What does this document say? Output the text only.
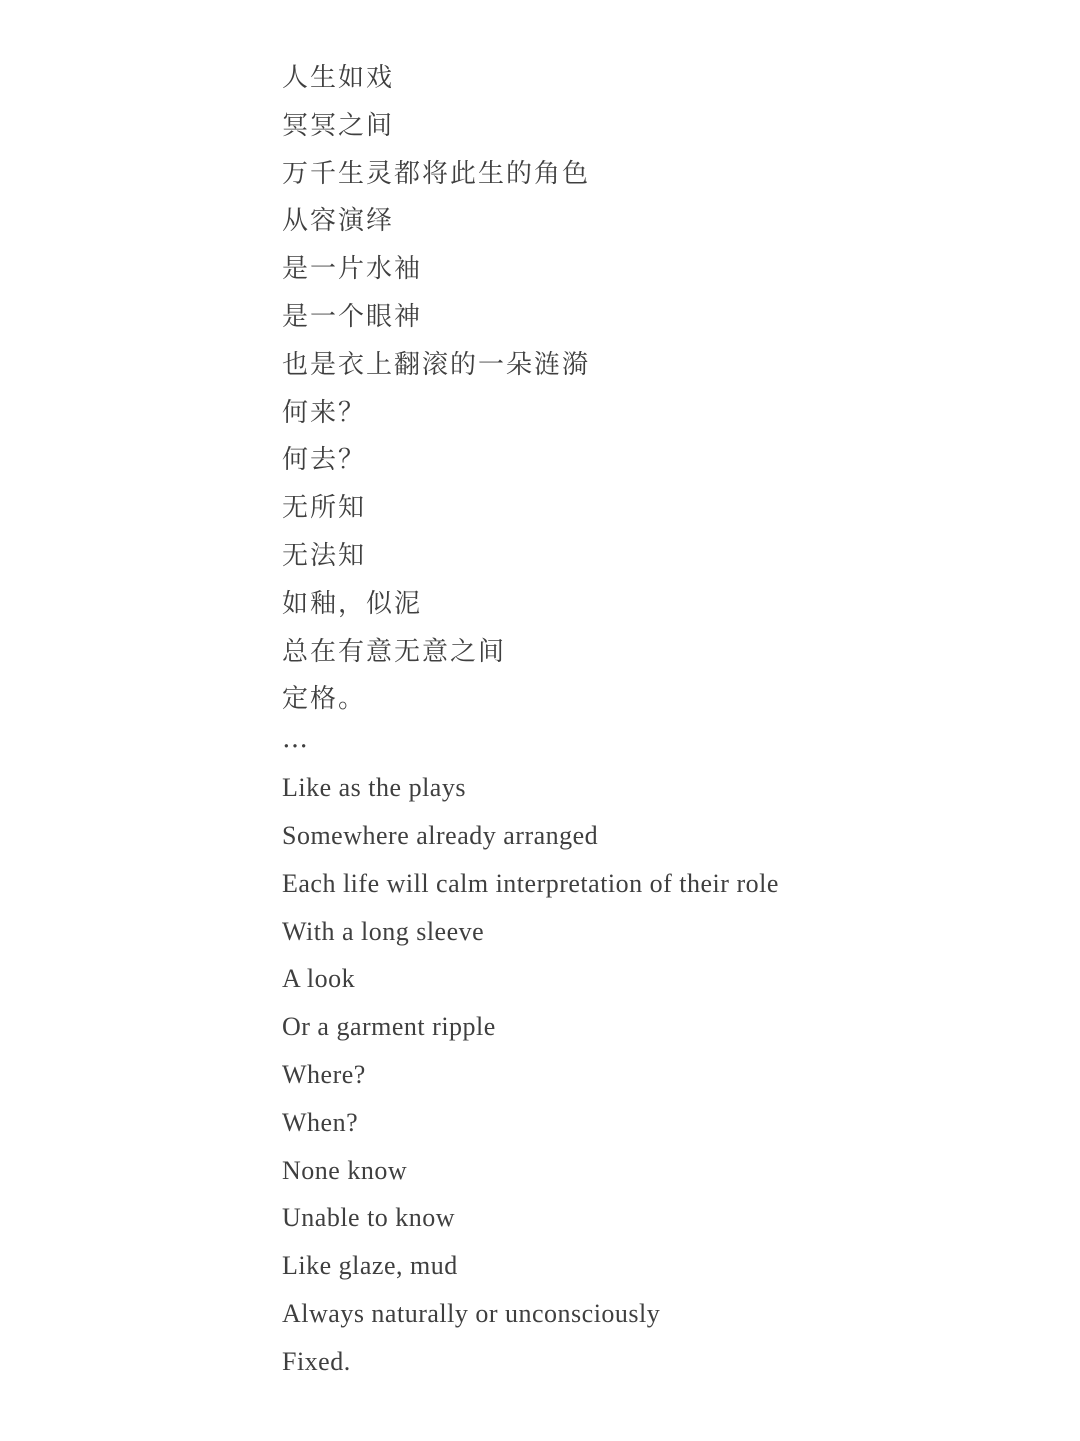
人生如戏
冥冥之间
万千生灵都将此生的角色
从容演绎
是一片水袖
是一个眼神
也是衣上翻滚的一朵涟漪
何来？
何去？
无所知
无法知
如釉，似泥
总在有意无意之间
定格。
…
Like as the plays
Somewhere already arranged
Each life will calm interpretation of their role
With a long sleeve
A look
Or a garment ripple
Where?
When?
None know
Unable to know
Like glaze, mud
Always naturally or unconsciously
Fixed.
